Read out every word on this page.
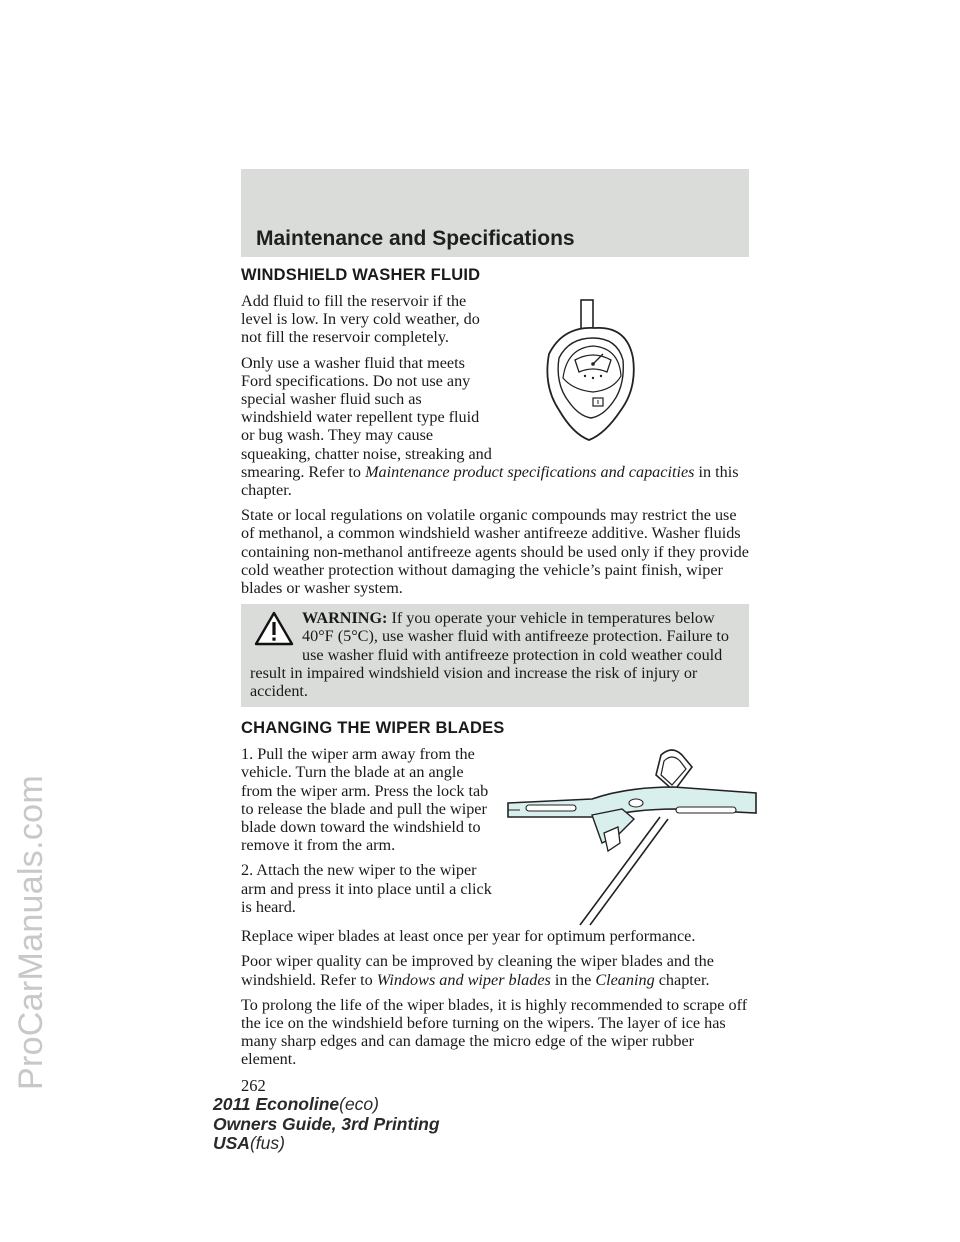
ProCarManuals.com
Maintenance and Specifications
WINDSHIELD WASHER FLUID

Add fluid to fill the reservoir if the level is low. In very cold weather, do not fill the reservoir completely.

Only use a washer fluid that meets Ford specifications. Do not use any special washer fluid such as windshield water repellent type fluid or bug wash. They may cause squeaking, chatter noise, streaking and smearing. Refer to Maintenance product specifications and capacities in this chapter.

State or local regulations on volatile organic compounds may restrict the use of methanol, a common windshield washer antifreeze additive. Washer fluids containing non-methanol antifreeze agents should be used only if they provide cold weather protection without damaging the vehicle’s paint finish, wiper blades or washer system.

WARNING: If you operate your vehicle in temperatures below 40°F (5°C), use washer fluid with antifreeze protection. Failure to use washer fluid with antifreeze protection in cold weather could result in impaired windshield vision and increase the risk of injury or accident.
CHANGING THE WIPER BLADES

1. Pull the wiper arm away from the vehicle. Turn the blade at an angle from the wiper arm. Press the lock tab to release the blade and pull the wiper blade down toward the windshield to remove it from the arm.

2. Attach the new wiper to the wiper arm and press it into place until a click is heard.

Replace wiper blades at least once per year for optimum performance.

Poor wiper quality can be improved by cleaning the wiper blades and the windshield. Refer to Windows and wiper blades in the Cleaning chapter.

To prolong the life of the wiper blades, it is highly recommended to scrape off the ice on the windshield before turning on the wipers. The layer of ice has many sharp edges and can damage the micro edge of the wiper rubber element.

262
2011 Econoline(eco)
Owners Guide, 3rd Printing
USA(fus)
